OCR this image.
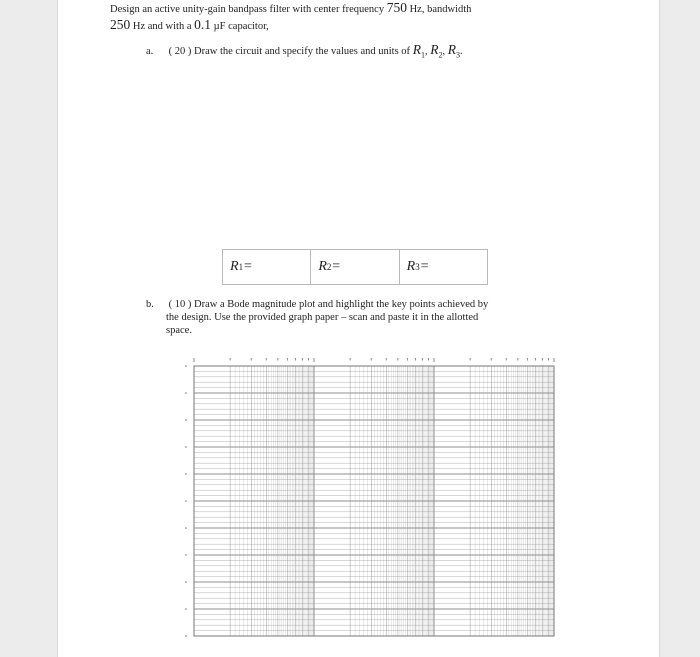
Design an active unity-gain bandpass filter with center frequency 750 Hz, bandwidth
250 Hz and with a 0.1 µF capacitor,
a. ( 20 ) Draw the circuit and specify the values and units of $R_1$, $R_2$, $R_3$.
R 1 =	R 2 =	R 3 =
b. ( 10 ) Draw a Bode magnitude plot and highlight the key points achieved by
the design. Use the provided graph paper – scan and paste it in the allotted
space.
